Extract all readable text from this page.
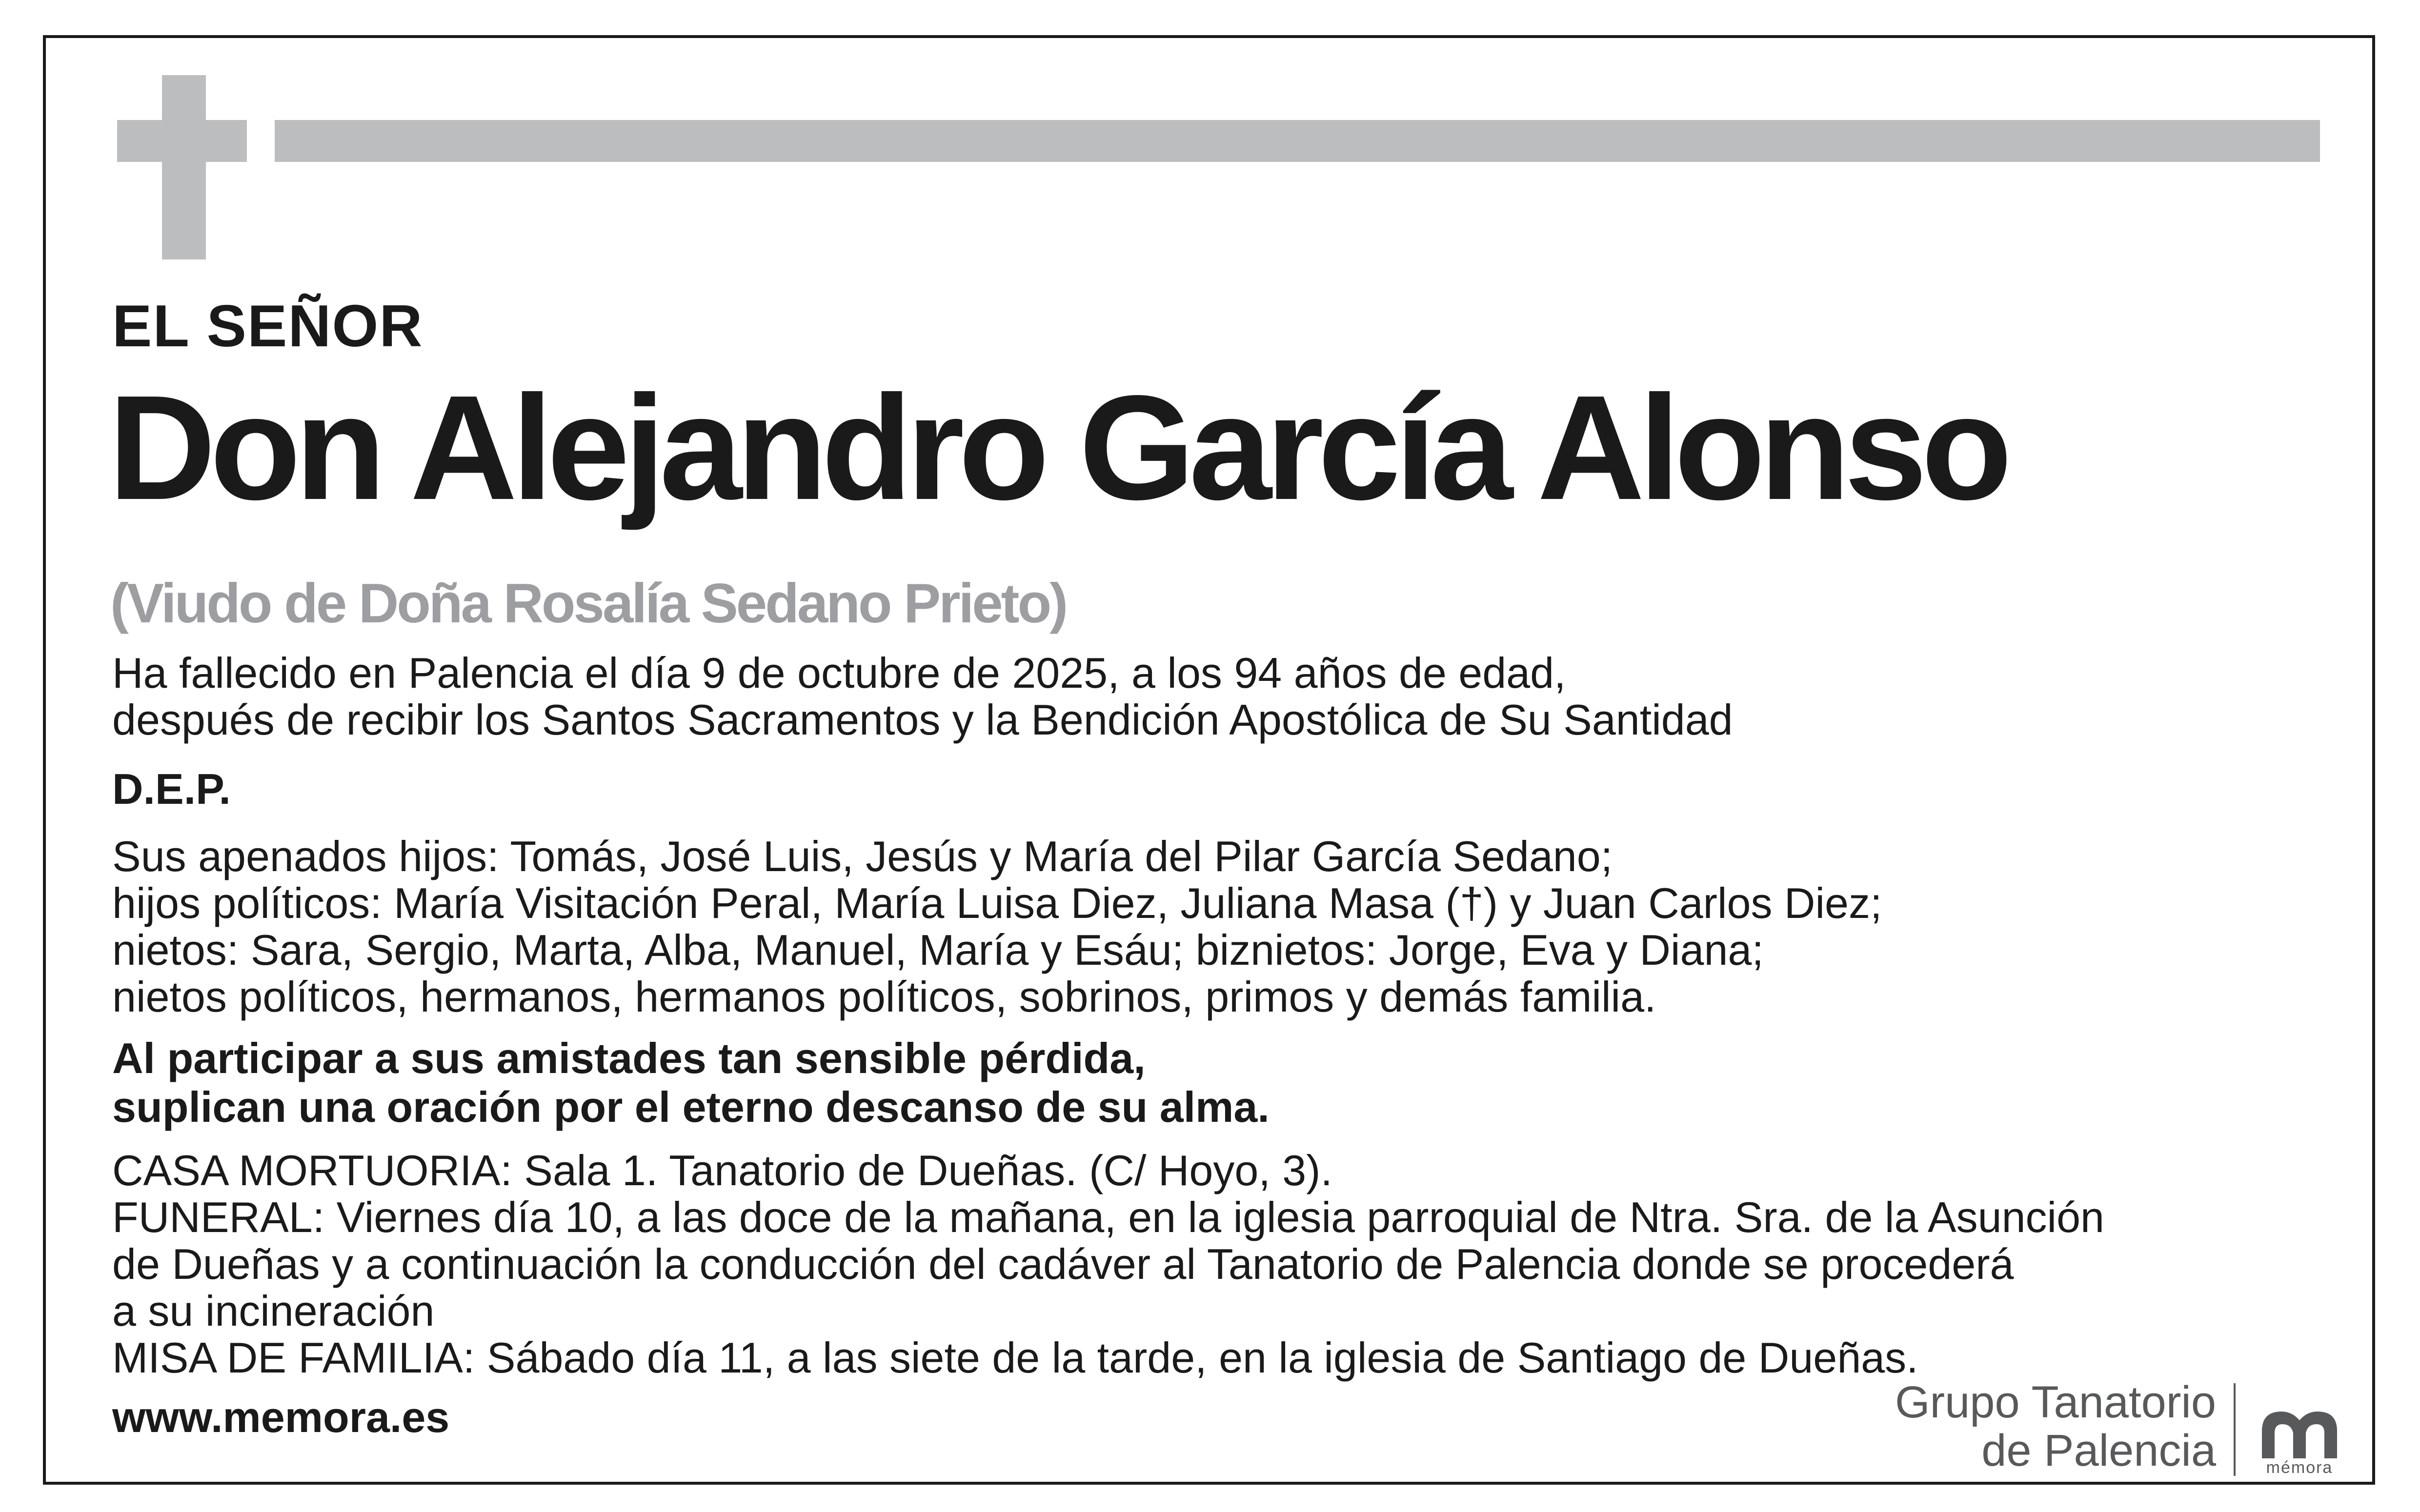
EL SEÑOR
Don Alejandro García Alonso
(Viudo de Doña Rosalía Sedano Prieto)
Ha fallecido en Palencia el día 9 de octubre de 2025, a los 94 años de edad,
después de recibir los Santos Sacramentos y la Bendición Apostólica de Su Santidad
D.E.P.
Sus apenados hijos: Tomás, José Luis, Jesús y María del Pilar García Sedano;
hijos políticos: María Visitación Peral, María Luisa Diez, Juliana Masa (†) y Juan Carlos Diez;
nietos: Sara, Sergio, Marta, Alba, Manuel, María y Esáu; biznietos: Jorge, Eva y Diana;
nietos políticos, hermanos, hermanos políticos, sobrinos, primos y demás familia.
Al participar a sus amistades tan sensible pérdida,
suplican una oración por el eterno descanso de su alma.
CASA MORTUORIA: Sala 1. Tanatorio de Dueñas. (C/ Hoyo, 3).
FUNERAL: Viernes día 10, a las doce de la mañana, en la iglesia parroquial de Ntra. Sra. de la Asunción
de Dueñas y a continuación la conducción del cadáver al Tanatorio de Palencia donde se procederá
a su incineración
MISA DE FAMILIA: Sábado día 11, a las siete de la tarde, en la iglesia de Santiago de Dueñas.
www.memora.es	Grupo Tanatorio
de Palencia	mémora
